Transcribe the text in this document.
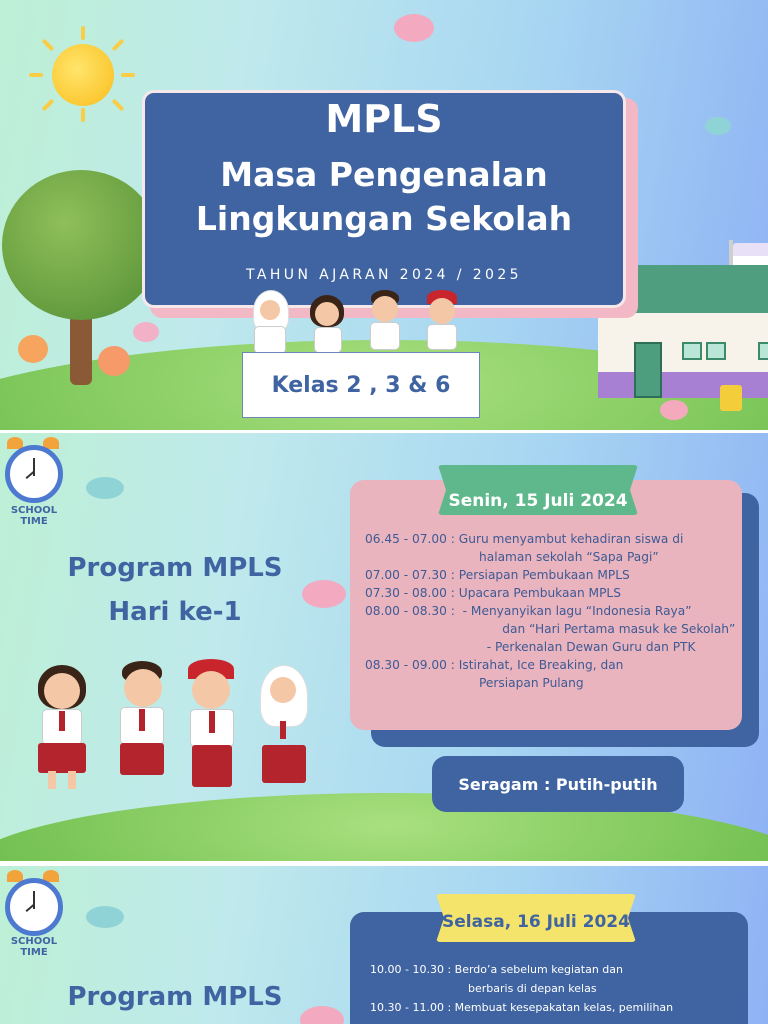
MPLS
Masa Pengenalan
Lingkungan Sekolah
TAHUN AJARAN 2024 / 2025
Kelas 2 , 3 & 6
SCHOOL
TIME
Program MPLS
Hari ke-1
Senin, 15 Juli 2024
06.45 - 07.00 : Guru menyambut kehadiran siswa di
halaman sekolah “Sapa Pagi”
07.00 - 07.30 : Persiapan Pembukaan MPLS
07.30 - 08.00 : Upacara Pembukaan MPLS
08.00 - 08.30 : - Menyanyikan lagu “Indonesia Raya”
dan “Hari Pertama masuk ke Sekolah”
- Perkenalan Dewan Guru dan PTK
08.30 - 09.00 : Istirahat, Ice Breaking, dan
Persiapan Pulang
Seragam : Putih-putih
SCHOOL
TIME
Program MPLS
Selasa, 16 Juli 2024
10.00 - 10.30 : Berdo’a sebelum kegiatan dan
berbaris di depan kelas
10.30 - 11.00 : Membuat kesepakatan kelas, pemilihan
